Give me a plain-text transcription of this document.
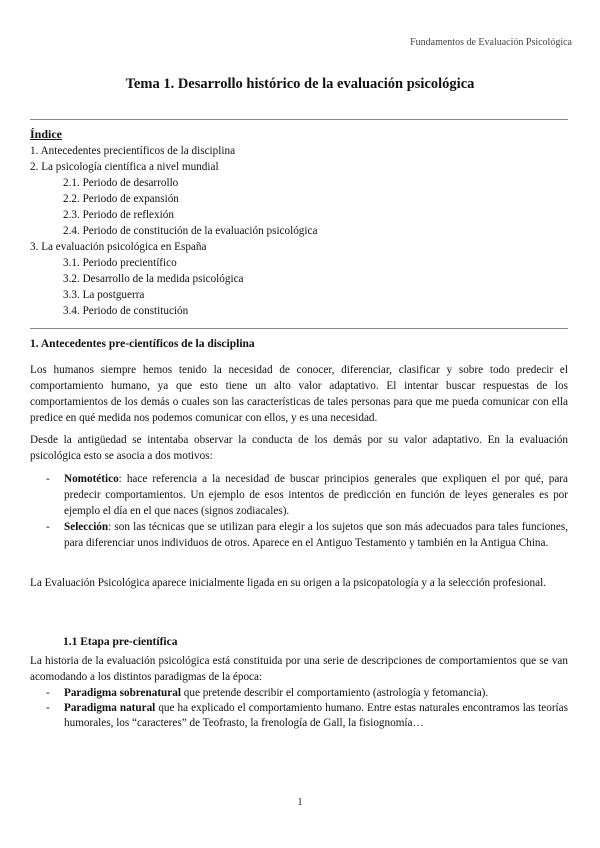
Fundamentos de Evaluación Psicológica
Tema 1. Desarrollo histórico de la evaluación psicológica
Índice
1. Antecedentes precientíficos de la disciplina
2. La psicología científica a nivel mundial
2.1. Periodo de desarrollo
2.2. Periodo de expansión
2.3. Periodo de reflexión
2.4. Periodo de constitución de la evaluación psicológica
3. La evaluación psicológica en España
3.1. Periodo precientífico
3.2. Desarrollo de la medida psicológica
3.3. La postguerra
3.4. Periodo de constitución
1. Antecedentes pre-científicos de la disciplina

Los humanos siempre hemos tenido la necesidad de conocer, diferenciar, clasificar y sobre todo predecir el comportamiento humano, ya que esto tiene un alto valor adaptativo. El intentar buscar respuestas de los comportamientos de los demás o cuales son las características de tales personas para que me pueda comunicar con ella predice en qué medida nos podemos comunicar con ellos, y es una necesidad.

Desde la antigüedad se intentaba observar la conducta de los demás por su valor adaptativo. En la evaluación psicológica esto se asocia a dos motivos:

- Nomotético: hace referencia a la necesidad de buscar principios generales que expliquen el por qué, para predecir comportamientos. Un ejemplo de esos intentos de predicción en función de leyes generales es por ejemplo el día en el que naces (signos zodiacales).
- Selección: son las técnicas que se utilizan para elegir a los sujetos que son más adecuados para tales funciones, para diferenciar unos individuos de otros. Aparece en el Antiguo Testamento y también en la Antigua China.

La Evaluación Psicológica aparece inicialmente ligada en su origen a la psicopatología y a la selección profesional.

1.1 Etapa pre-científica

La historia de la evaluación psicológica está constituida por una serie de descripciones de comportamientos que se van acomodando a los distintos paradigmas de la época:

- Paradigma sobrenatural que pretende describir el comportamiento (astrología y fetomancia).
- Paradigma natural que ha explicado el comportamiento humano. Entre estas naturales encontramos las teorías humorales, los “caracteres” de Teofrasto, la frenología de Gall, la fisiognomía…
1
